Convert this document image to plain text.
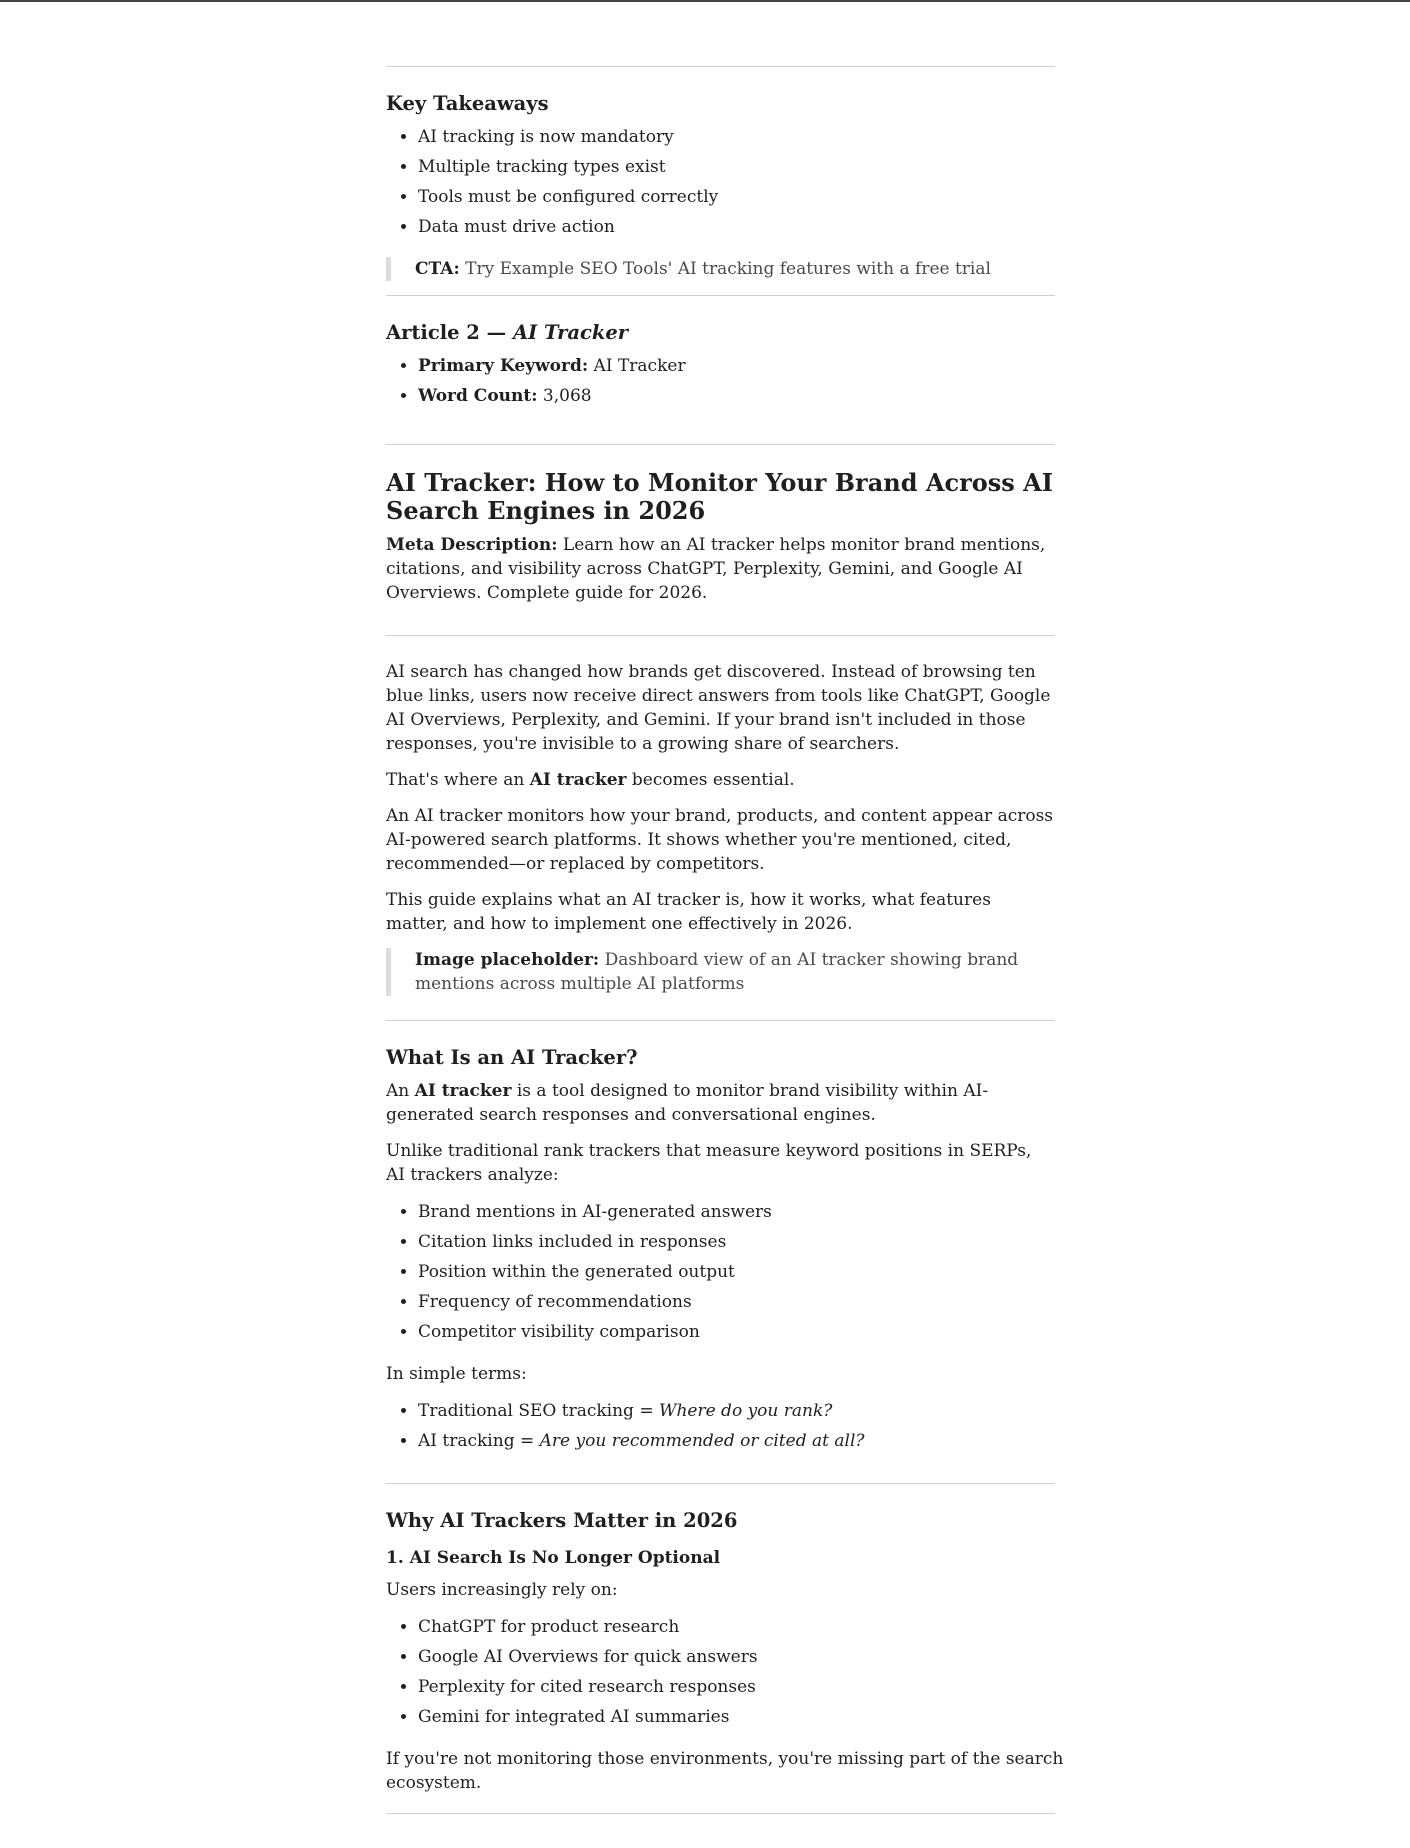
Key Takeaways
• AI tracking is now mandatory
• Multiple tracking types exist
• Tools must be configured correctly
• Data must drive action
CTA: Try Example SEO Tools' AI tracking features with a free trial
Article 2 — AI Tracker
• Primary Keyword: AI Tracker
• Word Count: 3,068
AI Tracker: How to Monitor Your Brand Across AI Search Engines in 2026

Meta Description: Learn how an AI tracker helps monitor brand mentions, citations, and visibility across ChatGPT, Perplexity, Gemini, and Google AI Overviews. Complete guide for 2026.

AI search has changed how brands get discovered. Instead of browsing ten blue links, users now receive direct answers from tools like ChatGPT, Google AI Overviews, Perplexity, and Gemini. If your brand isn't included in those responses, you're invisible to a growing share of searchers.

That's where an AI tracker becomes essential.

An AI tracker monitors how your brand, products, and content appear across AI-powered search platforms. It shows whether you're mentioned, cited, recommended—or replaced by competitors.

This guide explains what an AI tracker is, how it works, what features matter, and how to implement one effectively in 2026.

Image placeholder: Dashboard view of an AI tracker showing brand mentions across multiple AI platforms
What Is an AI Tracker?

An AI tracker is a tool designed to monitor brand visibility within AI-generated search responses and conversational engines.

Unlike traditional rank trackers that measure keyword positions in SERPs, AI trackers analyze:

• Brand mentions in AI-generated answers
• Citation links included in responses
• Position within the generated output
• Frequency of recommendations
• Competitor visibility comparison

In simple terms:

• Traditional SEO tracking = Where do you rank?
• AI tracking = Are you recommended or cited at all?
Why AI Trackers Matter in 2026
1. AI Search Is No Longer Optional

Users increasingly rely on:

• ChatGPT for product research
• Google AI Overviews for quick answers
• Perplexity for cited research responses
• Gemini for integrated AI summaries

If you're not monitoring those environments, you're missing part of the search ecosystem.
